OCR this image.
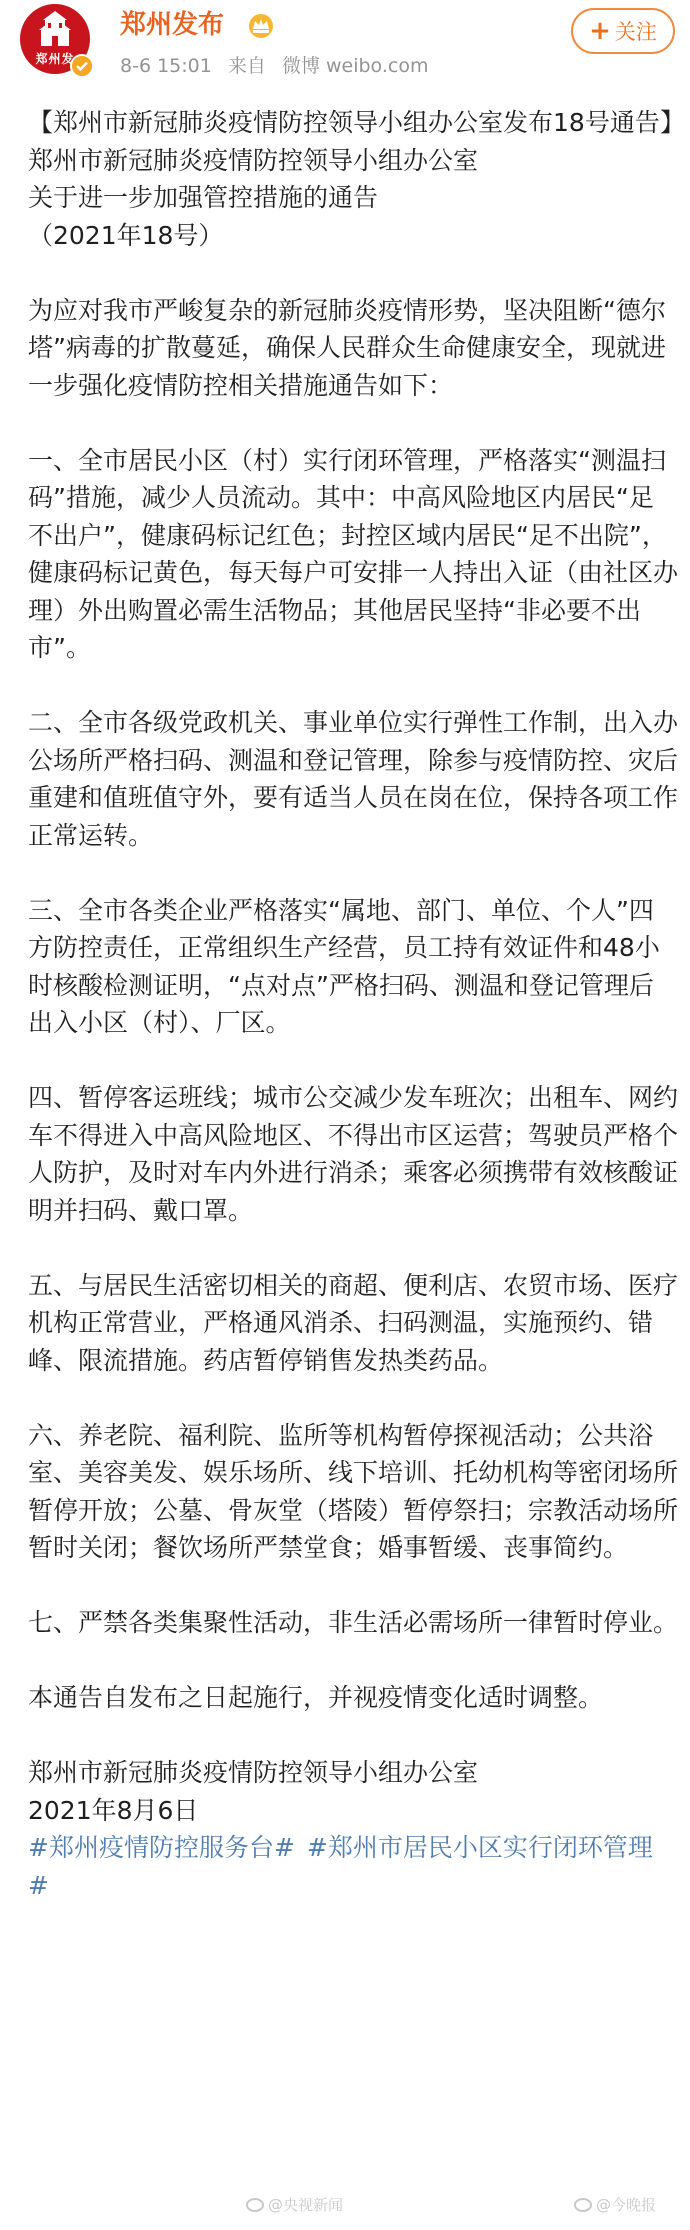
郑州发
郑州发布
8-6 15:01 来自 微博 weibo.com
+ 关注

【郑州市新冠肺炎疫情防控领导小组办公室发布18号通告】

郑州市新冠肺炎疫情防控领导小组办公室

关于进一步加强管控措施的通告

（2021年18号）

为应对我市严峻复杂的新冠肺炎疫情形势，坚决阻断“德尔塔”病毒的扩散蔓延，确保人民群众生命健康安全，现就进一步强化疫情防控相关措施通告如下：

一、全市居民小区（村）实行闭环管理，严格落实“测温扫码”措施，减少人员流动。其中：中高风险地区内居民“足不出户”，健康码标记红色；封控区域内居民“足不出院”，健康码标记黄色，每天每户可安排一人持出入证（由社区办理）外出购置必需生活物品；其他居民坚持“非必要不出市”。

二、全市各级党政机关、事业单位实行弹性工作制，出入办公场所严格扫码、测温和登记管理，除参与疫情防控、灾后重建和值班值守外，要有适当人员在岗在位，保持各项工作正常运转。

三、全市各类企业严格落实“属地、部门、单位、个人”四方防控责任，正常组织生产经营，员工持有效证件和48小时核酸检测证明，“点对点”严格扫码、测温和登记管理后出入小区（村）、厂区。

四、暂停客运班线；城市公交减少发车班次；出租车、网约车不得进入中高风险地区、不得出市区运营；驾驶员严格个人防护，及时对车内外进行消杀；乘客必须携带有效核酸证明并扫码、戴口罩。

五、与居民生活密切相关的商超、便利店、农贸市场、医疗机构正常营业，严格通风消杀、扫码测温，实施预约、错峰、限流措施。药店暂停销售发热类药品。

六、养老院、福利院、监所等机构暂停探视活动；公共浴室、美容美发、娱乐场所、线下培训、托幼机构等密闭场所暂停开放；公墓、骨灰堂（塔陵）暂停祭扫；宗教活动场所暂时关闭；餐饮场所严禁堂食；婚事暂缓、丧事简约。

七、严禁各类集聚性活动，非生活必需场所一律暂时停业。

本通告自发布之日起施行，并视疫情变化适时调整。

郑州市新冠肺炎疫情防控领导小组办公室

2021年8月6日

#郑州疫情防控服务台# #郑州市居民小区实行闭环管理#

@央视新闻	@今晚报
